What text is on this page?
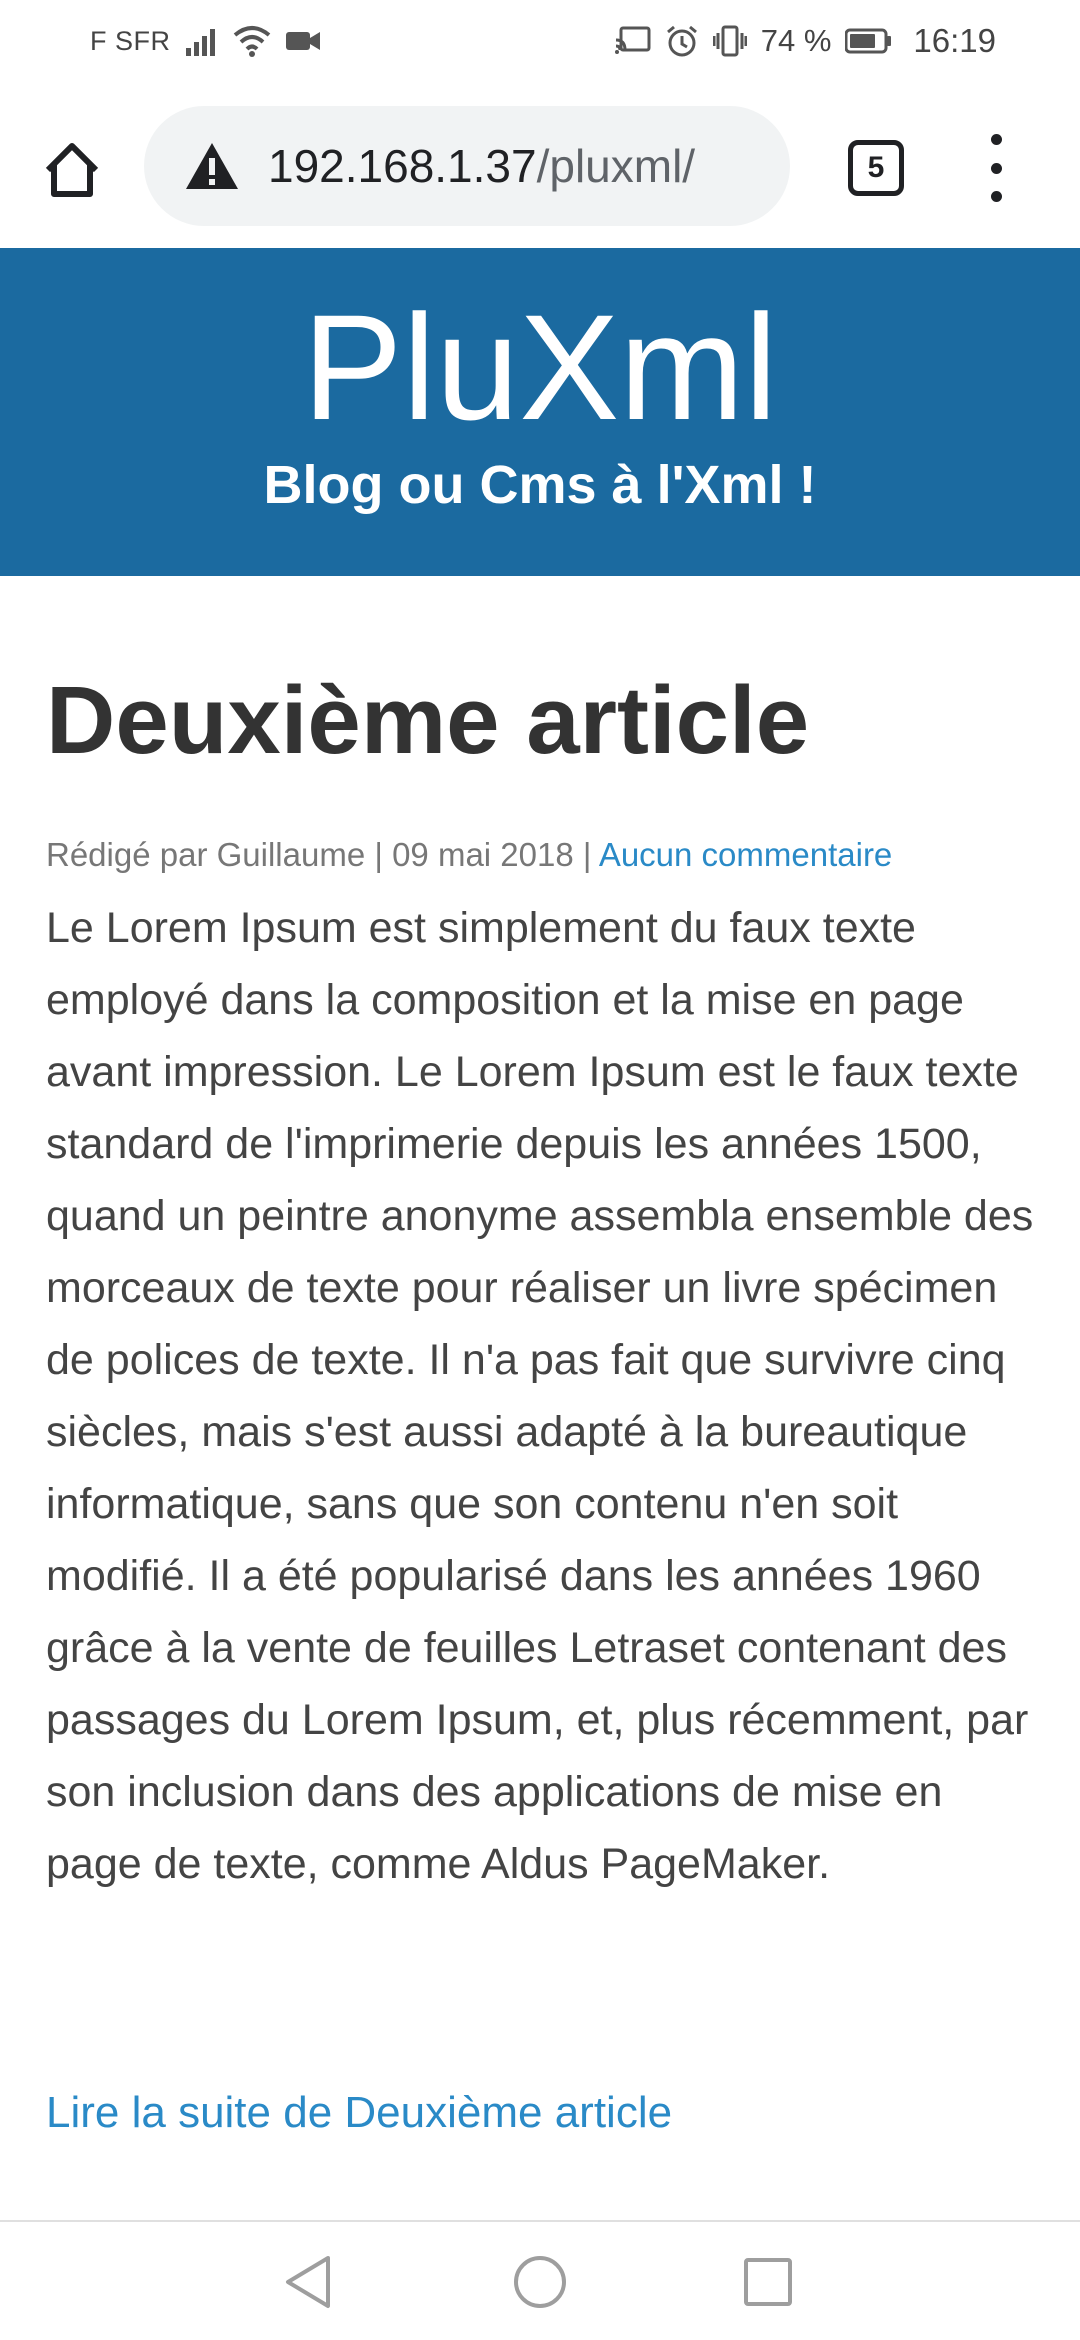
F SFR	74 % 16:19
192.168.1.37/pluxml/	5
PluXml
Blog ou Cms à l'Xml !
Deuxième article
Rédigé par Guillaume | 09 mai 2018 | Aucun commentaire

Le Lorem Ipsum est simplement du faux texte employé dans la composition et la mise en page avant impression. Le Lorem Ipsum est le faux texte standard de l'imprimerie depuis les années 1500, quand un peintre anonyme assembla ensemble des morceaux de texte pour réaliser un livre spécimen de polices de texte. Il n'a pas fait que survivre cinq siècles, mais s'est aussi adapté à la bureautique informatique, sans que son contenu n'en soit modifié. Il a été popularisé dans les années 1960 grâce à la vente de feuilles Letraset contenant des passages du Lorem Ipsum, et, plus récemment, par son inclusion dans des applications de mise en page de texte, comme Aldus PageMaker.

Lire la suite de Deuxième article
